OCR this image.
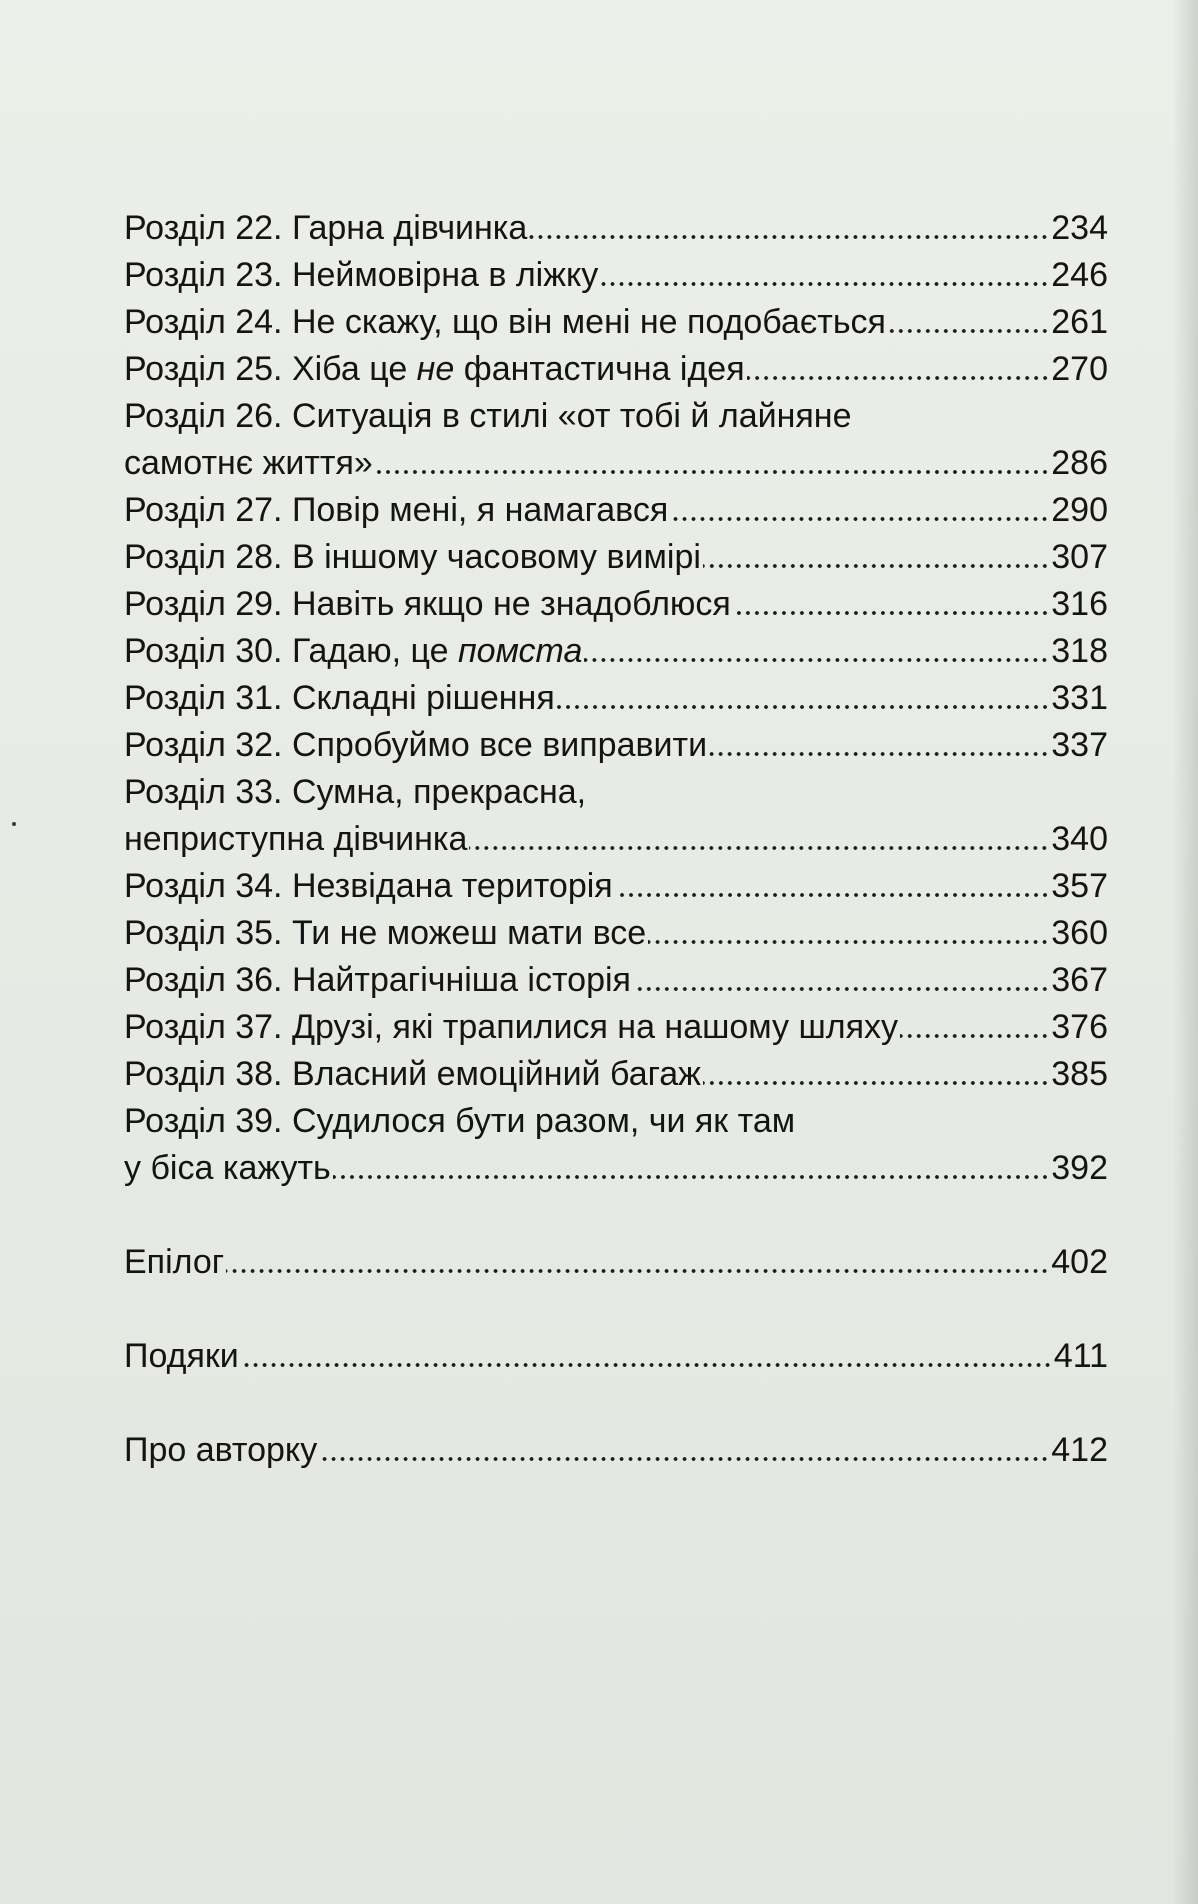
Розділ 22. Гарна дівчинка	234
Розділ 23. Неймовірна в ліжку	246
Розділ 24. Не скажу, що він мені не подобається	261
Розділ 25. Хіба це не фантастична ідея	270
Розділ 26. Ситуація в стилі «от тобі й лайняне
самотнє життя»	286
Розділ 27. Повір мені, я намагався	290
Розділ 28. В іншому часовому вимірі	307
Розділ 29. Навіть якщо не знадоблюся	316
Розділ 30. Гадаю, це помста	318
Розділ 31. Складні рішення	331
Розділ 32. Спробуймо все виправити	337
Розділ 33. Сумна, прекрасна,
неприступна дівчинка	340
Розділ 34. Незвідана територія	357
Розділ 35. Ти не можеш мати все	360
Розділ 36. Найтрагічніша історія	367
Розділ 37. Друзі, які трапилися на нашому шляху	376
Розділ 38. Власний емоційний багаж	385
Розділ 39. Судилося бути разом, чи як там
у біса кажуть	392
Епілог	402
Подяки	411
Про авторку	412
